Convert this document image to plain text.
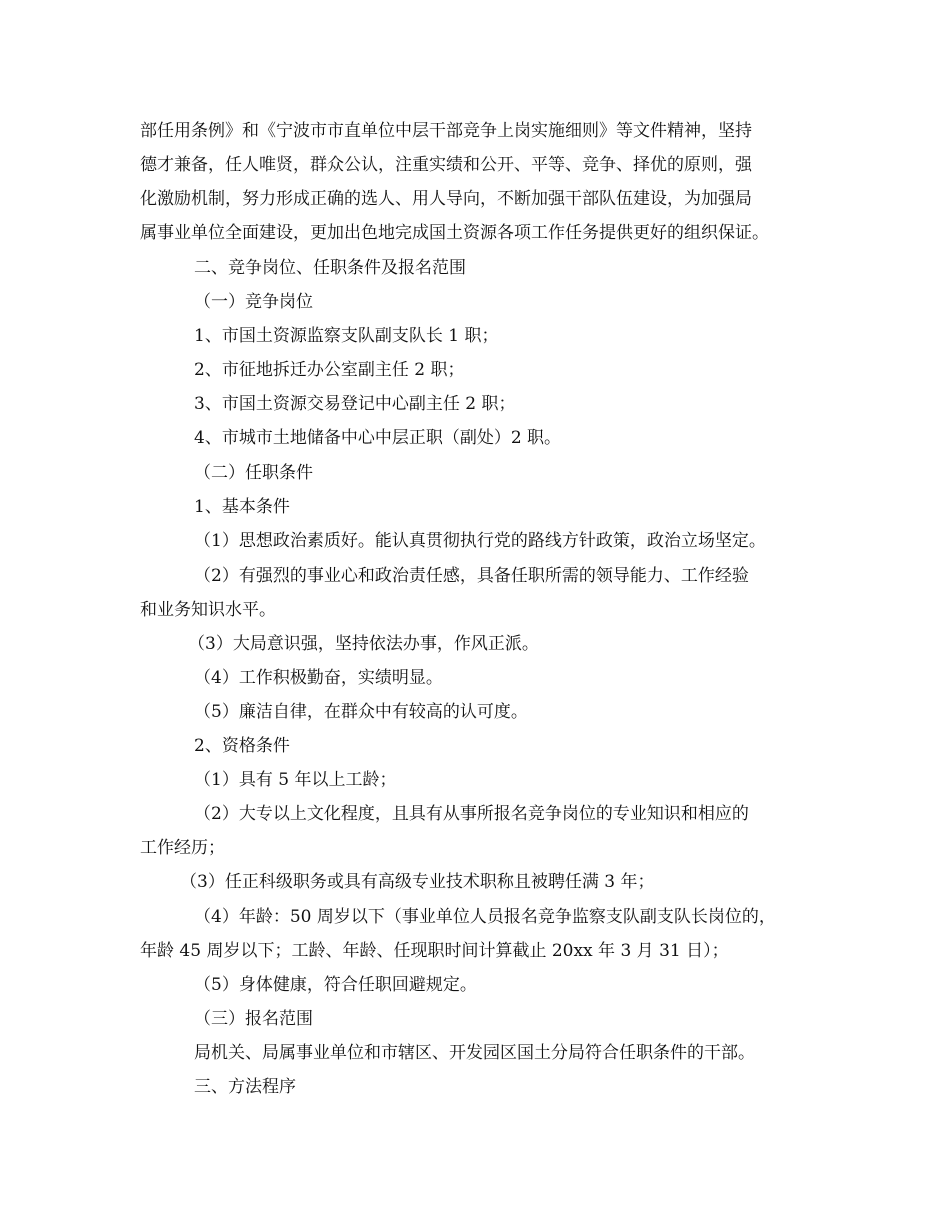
部任用条例》和《宁波市市直单位中层干部竞争上岗实施细则》等文件精神，坚持

德才兼备，任人唯贤，群众公认，注重实绩和公开、平等、竞争、择优的原则，强

化激励机制，努力形成正确的选人、用人导向，不断加强干部队伍建设，为加强局

属事业单位全面建设，更加出色地完成国土资源各项工作任务提供更好的组织保证。

二、竞争岗位、任职条件及报名范围

（一）竞争岗位

1、市国土资源监察支队副支队长 1 职；

2、市征地拆迁办公室副主任 2 职；

3、市国土资源交易登记中心副主任 2 职；

4、市城市土地储备中心中层正职（副处）2 职。

（二）任职条件

1、基本条件

（1）思想政治素质好。能认真贯彻执行党的路线方针政策，政治立场坚定。

（2）有强烈的事业心和政治责任感，具备任职所需的领导能力、工作经验

和业务知识水平。

（3）大局意识强，坚持依法办事，作风正派。

（4）工作积极勤奋，实绩明显。

（5）廉洁自律，在群众中有较高的认可度。

2、资格条件

（1）具有 5 年以上工龄；

（2）大专以上文化程度，且具有从事所报名竞争岗位的专业知识和相应的

工作经历；

（3）任正科级职务或具有高级专业技术职称且被聘任满 3 年；

（4）年龄：50 周岁以下（事业单位人员报名竞争监察支队副支队长岗位的，

年龄 45 周岁以下；工龄、年龄、任现职时间计算截止 20xx 年 3 月 31 日）；

（5）身体健康，符合任职回避规定。

（三）报名范围

局机关、局属事业单位和市辖区、开发园区国土分局符合任职条件的干部。

三、方法程序
